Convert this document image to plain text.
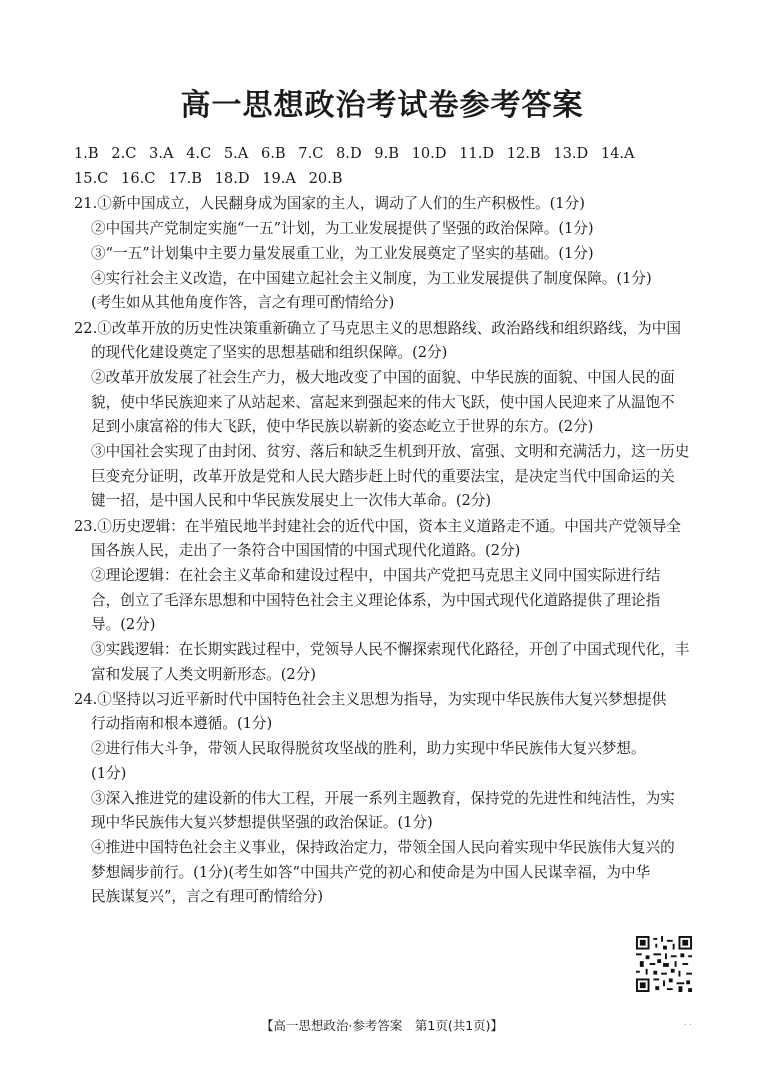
高一思想政治考试卷参考答案
1.B 2.C 3.A 4.C 5.A 6.B 7.C 8.D 9.B 10.D 11.D 12.B 13.D 14.A
15.C 16.C 17.B 18.D 19.A 20.B
21.①新中国成立，人民翻身成为国家的主人，调动了人们的生产积极性。(1分)
②中国共产党制定实施“一五”计划，为工业发展提供了坚强的政治保障。(1分)
③“一五”计划集中主要力量发展重工业，为工业发展奠定了坚实的基础。(1分)
④实行社会主义改造，在中国建立起社会主义制度，为工业发展提供了制度保障。(1分)
(考生如从其他角度作答，言之有理可酌情给分)
22.①改革开放的历史性决策重新确立了马克思主义的思想路线、政治路线和组织路线，为中国
的现代化建设奠定了坚实的思想基础和组织保障。(2分)
②改革开放发展了社会生产力，极大地改变了中国的面貌、中华民族的面貌、中国人民的面
貌，使中华民族迎来了从站起来、富起来到强起来的伟大飞跃，使中国人民迎来了从温饱不
足到小康富裕的伟大飞跃，使中华民族以崭新的姿态屹立于世界的东方。(2分)
③中国社会实现了由封闭、贫穷、落后和缺乏生机到开放、富强、文明和充满活力，这一历史
巨变充分证明，改革开放是党和人民大踏步赶上时代的重要法宝，是决定当代中国命运的关
键一招，是中国人民和中华民族发展史上一次伟大革命。(2分)
23.①历史逻辑：在半殖民地半封建社会的近代中国，资本主义道路走不通。中国共产党领导全
国各族人民，走出了一条符合中国国情的中国式现代化道路。(2分)
②理论逻辑：在社会主义革命和建设过程中，中国共产党把马克思主义同中国实际进行结
合，创立了毛泽东思想和中国特色社会主义理论体系，为中国式现代化道路提供了理论指
导。(2分)
③实践逻辑：在长期实践过程中，党领导人民不懈探索现代化路径，开创了中国式现代化，丰
富和发展了人类文明新形态。(2分)
24.①坚持以习近平新时代中国特色社会主义思想为指导，为实现中华民族伟大复兴梦想提供
行动指南和根本遵循。(1分)
②进行伟大斗争，带领人民取得脱贫攻坚战的胜利，助力实现中华民族伟大复兴梦想。
(1分)
③深入推进党的建设新的伟大工程，开展一系列主题教育，保持党的先进性和纯洁性，为实
现中华民族伟大复兴梦想提供坚强的政治保证。(1分)
④推进中国特色社会主义事业，保持政治定力，带领全国人民向着实现中华民族伟大复兴的
梦想阔步前行。(1分)(考生如答“中国共产党的初心和使命是为中国人民谋幸福，为中华
民族谋复兴”，言之有理可酌情给分)
【高一思想政治·参考答案　第1页(共1页)】	. .
